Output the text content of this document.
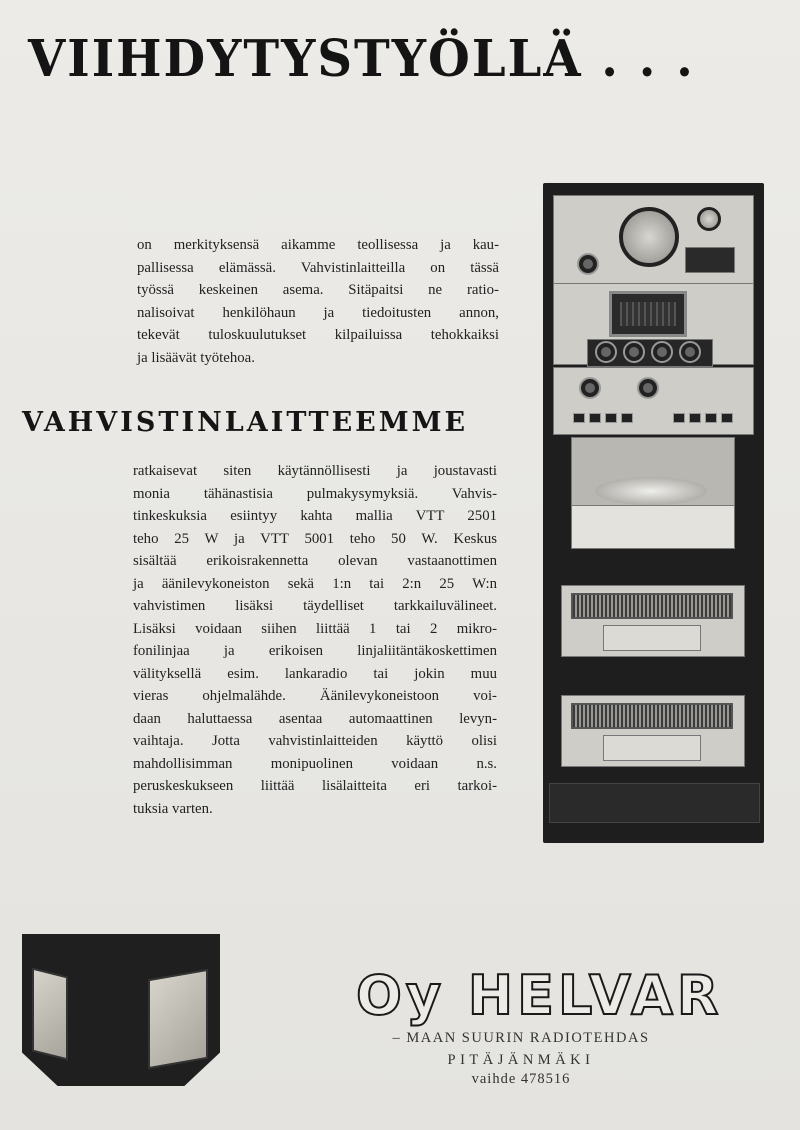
VIIHDYTYSTYÖLLÄ . . .
on merkityksensä aikamme teollisessa ja kau-
pallisessa elämässä. Vahvistinlaitteilla on tässä
työssä keskeinen asema. Sitäpaitsi ne ratio-
nalisoivat henkilöhaun ja tiedoitusten annon,
tekevät tuloskuulutukset kilpailuissa tehokkaiksi
ja lisäävät työtehoa.
VAHVISTINLAITTEEMME
ratkaisevat siten käytännöllisesti ja joustavasti
monia tähänastisia pulmakysymyksiä. Vahvis-
tinkeskuksia esiintyy kahta mallia VTT 2501
teho 25 W ja VTT 5001 teho 50 W. Keskus
sisältää erikoisrakennetta olevan vastaanottimen
ja äänilevykoneiston sekä 1:n tai 2:n 25 W:n
vahvistimen lisäksi täydelliset tarkkailuvälineet.
Lisäksi voidaan siihen liittää 1 tai 2 mikro-
fonilinjaa ja erikoisen linjaliitäntäkoskettimen
välityksellä esim. lankaradio tai jokin muu
vieras ohjelmalähde. Äänilevykoneistoon voi-
daan haluttaessa asentaa automaattinen levyn-
vaihtaja. Jotta vahvistinlaitteiden käyttö olisi
mahdollisimman monipuolinen voidaan n.s.
peruskeskukseen liittää lisälaitteita eri tarkoi-
tuksia varten.
Oy HELVAR
– MAAN SUURIN RADIOTEHDAS
PITÄJÄNMÄKI
vaihde 478516
